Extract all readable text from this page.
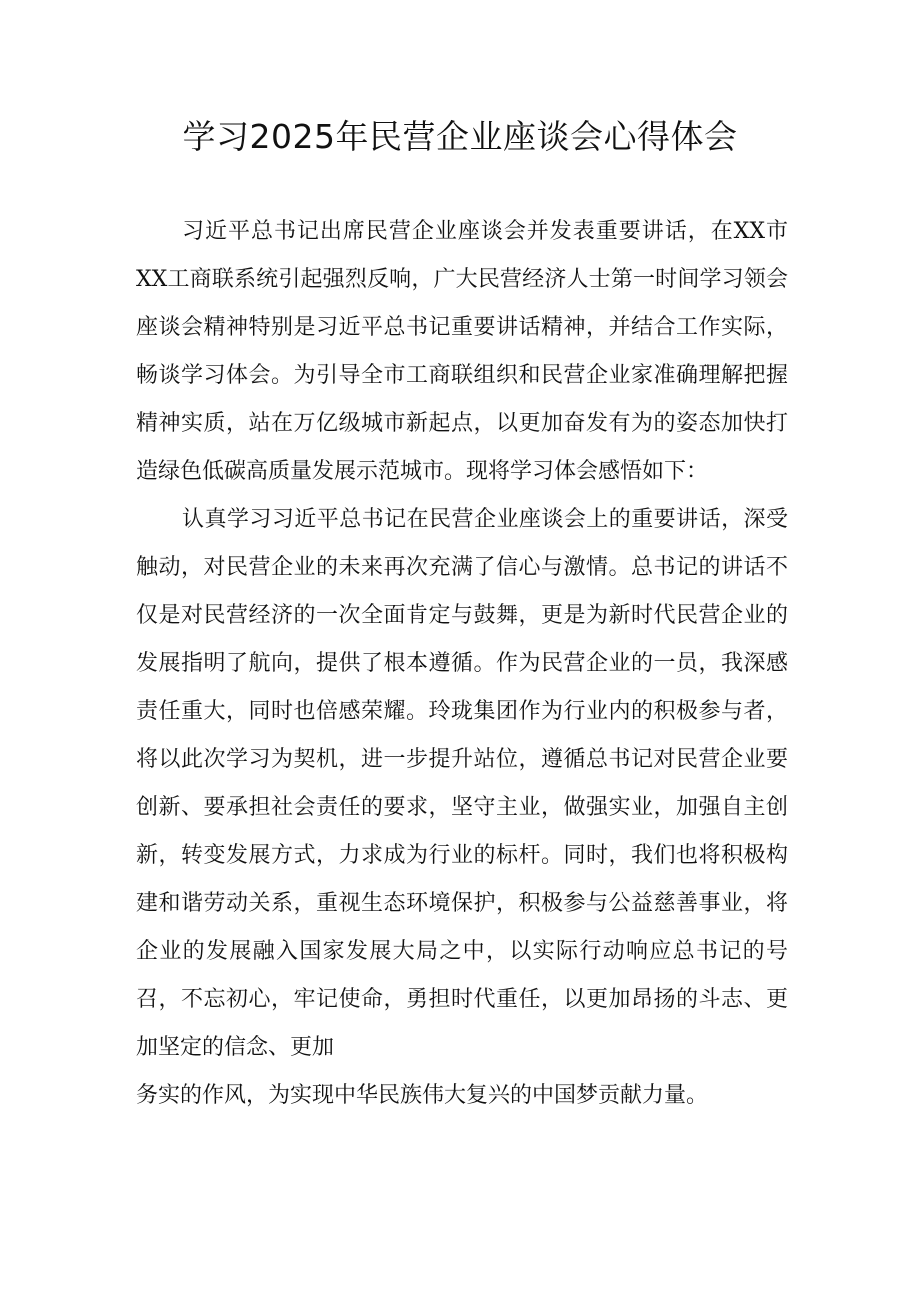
学习2025年民营企业座谈会心得体会

习近平总书记出席民营企业座谈会并发表重要讲话，在XX市XX工商联系统引起强烈反响，广大民营经济人士第一时间学习领会座谈会精神特别是习近平总书记重要讲话精神，并结合工作实际，畅谈学习体会。为引导全市工商联组织和民营企业家准确理解把握精神实质，站在万亿级城市新起点，以更加奋发有为的姿态加快打造绿色低碳高质量发展示范城市。现将学习体会感悟如下：

认真学习习近平总书记在民营企业座谈会上的重要讲话，深受触动，对民营企业的未来再次充满了信心与激情。总书记的讲话不仅是对民营经济的一次全面肯定与鼓舞，更是为新时代民营企业的发展指明了航向，提供了根本遵循。作为民营企业的一员，我深感责任重大，同时也倍感荣耀。玲珑集团作为行业内的积极参与者，将以此次学习为契机，进一步提升站位，遵循总书记对民营企业要创新、要承担社会责任的要求，坚守主业，做强实业，加强自主创新，转变发展方式，力求成为行业的标杆。同时，我们也将积极构建和谐劳动关系，重视生态环境保护，积极参与公益慈善事业，将企业的发展融入国家发展大局之中，以实际行动响应总书记的号召，不忘初心，牢记使命，勇担时代重任，以更加昂扬的斗志、更加坚定的信念、更加

务实的作风，为实现中华民族伟大复兴的中国梦贡献力量。
